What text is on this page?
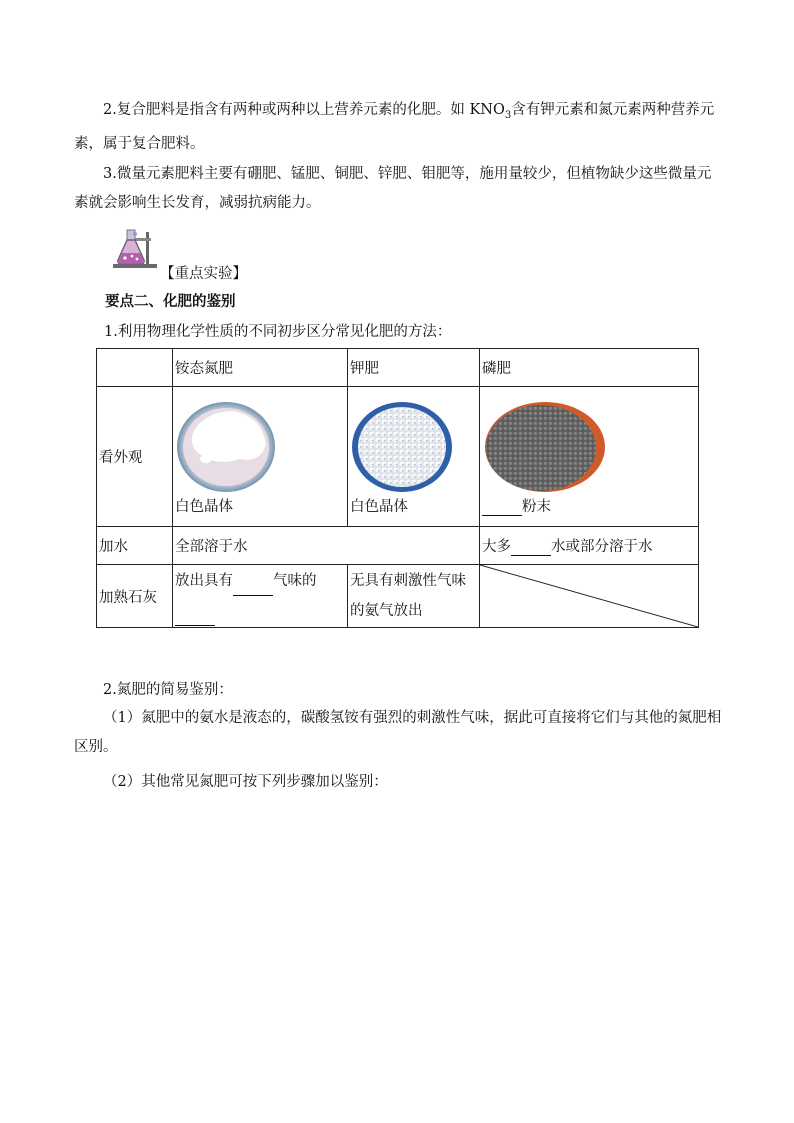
2.复合肥料是指含有两种或两种以上营养元素的化肥。如 $KNO_3$含有钾元素和氮元素两种营养元素，属于复合肥料。

3.微量元素肥料主要有硼肥、锰肥、铜肥、锌肥、钼肥等，施用量较少，但植物缺少这些微量元素就会影响生长发育，减弱抗病能力。

【重点实验】
要点二、化肥的鉴别
1.利用物理化学性质的不同初步区分常见化肥的方法：
	铵态氮肥	钾肥	磷肥
看外观	白色晶体	白色晶体	粉末

加水	全部溶于水		大多 水或部分溶于水
加熟石灰	放出具有 气味的	无具有刺激性气味的氨气放出	

2.氮肥的简易鉴别：

（1）氮肥中的氨水是液态的，碳酸氢铵有强烈的刺激性气味，据此可直接将它们与其他的氮肥相区别。

（2）其他常见氮肥可按下列步骤加以鉴别：
